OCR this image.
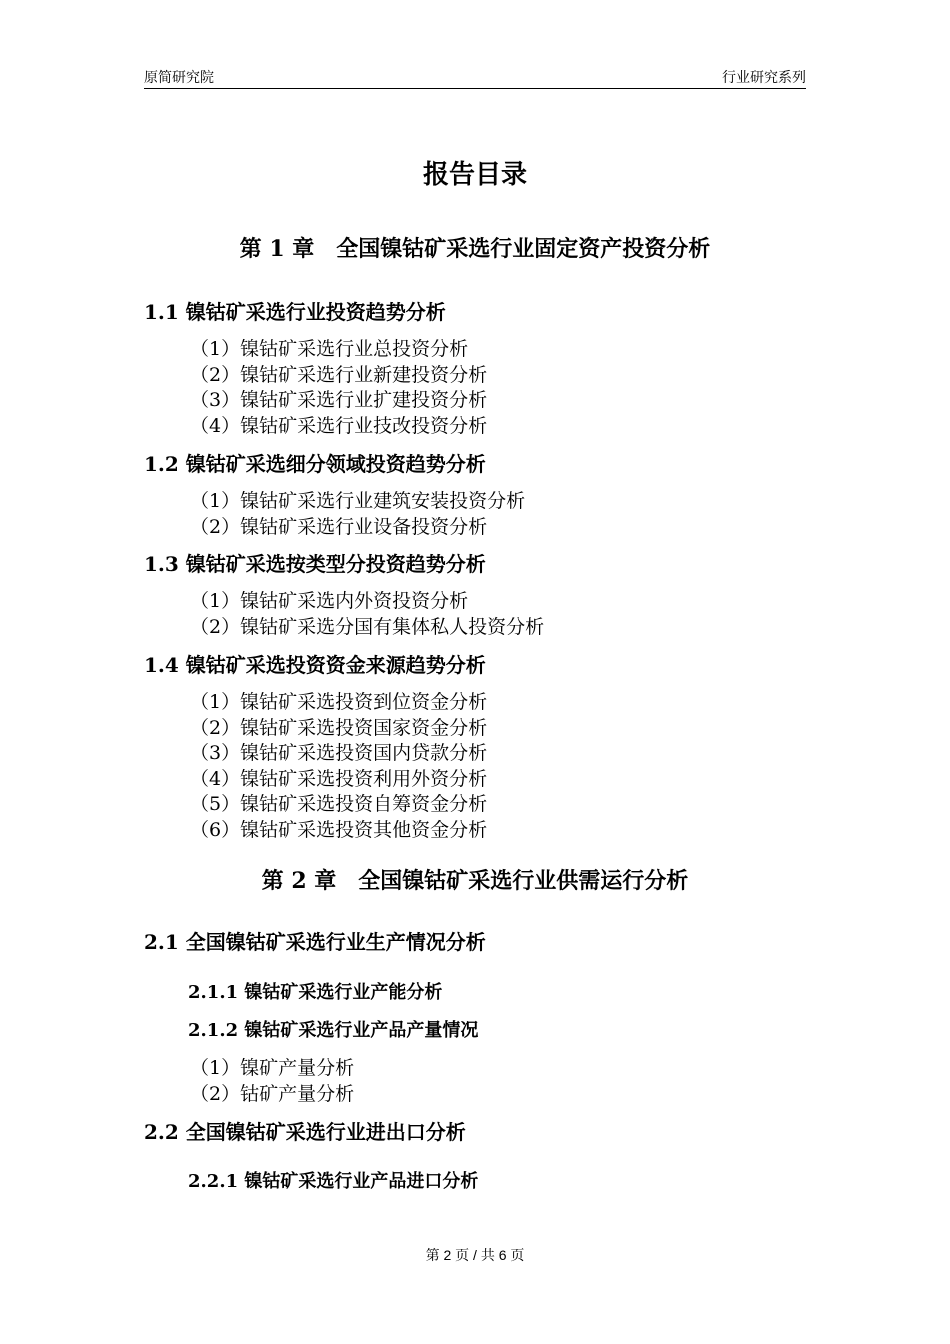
原简研究院	行业研究系列
报告目录
第 1 章　全国镍钴矿采选行业固定资产投资分析
1.1 镍钴矿采选行业投资趋势分析
（1）镍钴矿采选行业总投资分析
（2）镍钴矿采选行业新建投资分析
（3）镍钴矿采选行业扩建投资分析
（4）镍钴矿采选行业技改投资分析
1.2 镍钴矿采选细分领域投资趋势分析
（1）镍钴矿采选行业建筑安装投资分析
（2）镍钴矿采选行业设备投资分析
1.3 镍钴矿采选按类型分投资趋势分析
（1）镍钴矿采选内外资投资分析
（2）镍钴矿采选分国有集体私人投资分析
1.4 镍钴矿采选投资资金来源趋势分析
（1）镍钴矿采选投资到位资金分析
（2）镍钴矿采选投资国家资金分析
（3）镍钴矿采选投资国内贷款分析
（4）镍钴矿采选投资利用外资分析
（5）镍钴矿采选投资自筹资金分析
（6）镍钴矿采选投资其他资金分析
第 2 章　全国镍钴矿采选行业供需运行分析
2.1 全国镍钴矿采选行业生产情况分析
2.1.1 镍钴矿采选行业产能分析
2.1.2 镍钴矿采选行业产品产量情况
（1）镍矿产量分析
（2）钴矿产量分析
2.2 全国镍钴矿采选行业进出口分析
2.2.1 镍钴矿采选行业产品进口分析
第 2 页 / 共 6 页
